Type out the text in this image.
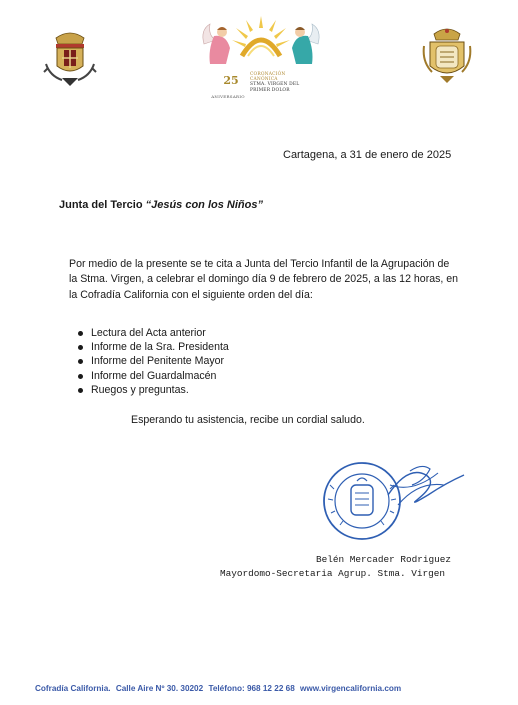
25
ANIVERSARIO
CORONACIÓN
CANÓNICA
STMA. VIRGEN DEL
PRIMER DOLOR
Cartagena, a 31 de enero de 2025
Junta del Tercio “Jesús con los Niños”
Por medio de la presente se te cita a Junta del Tercio Infantil de la Agrupación de
la Stma. Virgen, a celebrar el domingo día 9 de febrero de 2025, a las 12 horas, en
la Cofradía California con el siguiente orden del día:
Lectura del Acta anterior
Informe de la Sra. Presidenta
Informe del Penitente Mayor
Informe del Guardalmacén
Ruegos y preguntas.
Esperando tu asistencia, recibe un cordial saludo.
Belén Mercader Rodriguez
Mayordomo-Secretaria Agrup. Stma. Virgen
Cofradía California. Calle Aire Nº 30. 30202 Teléfono: 968 12 22 68 www.virgencalifornia.com
